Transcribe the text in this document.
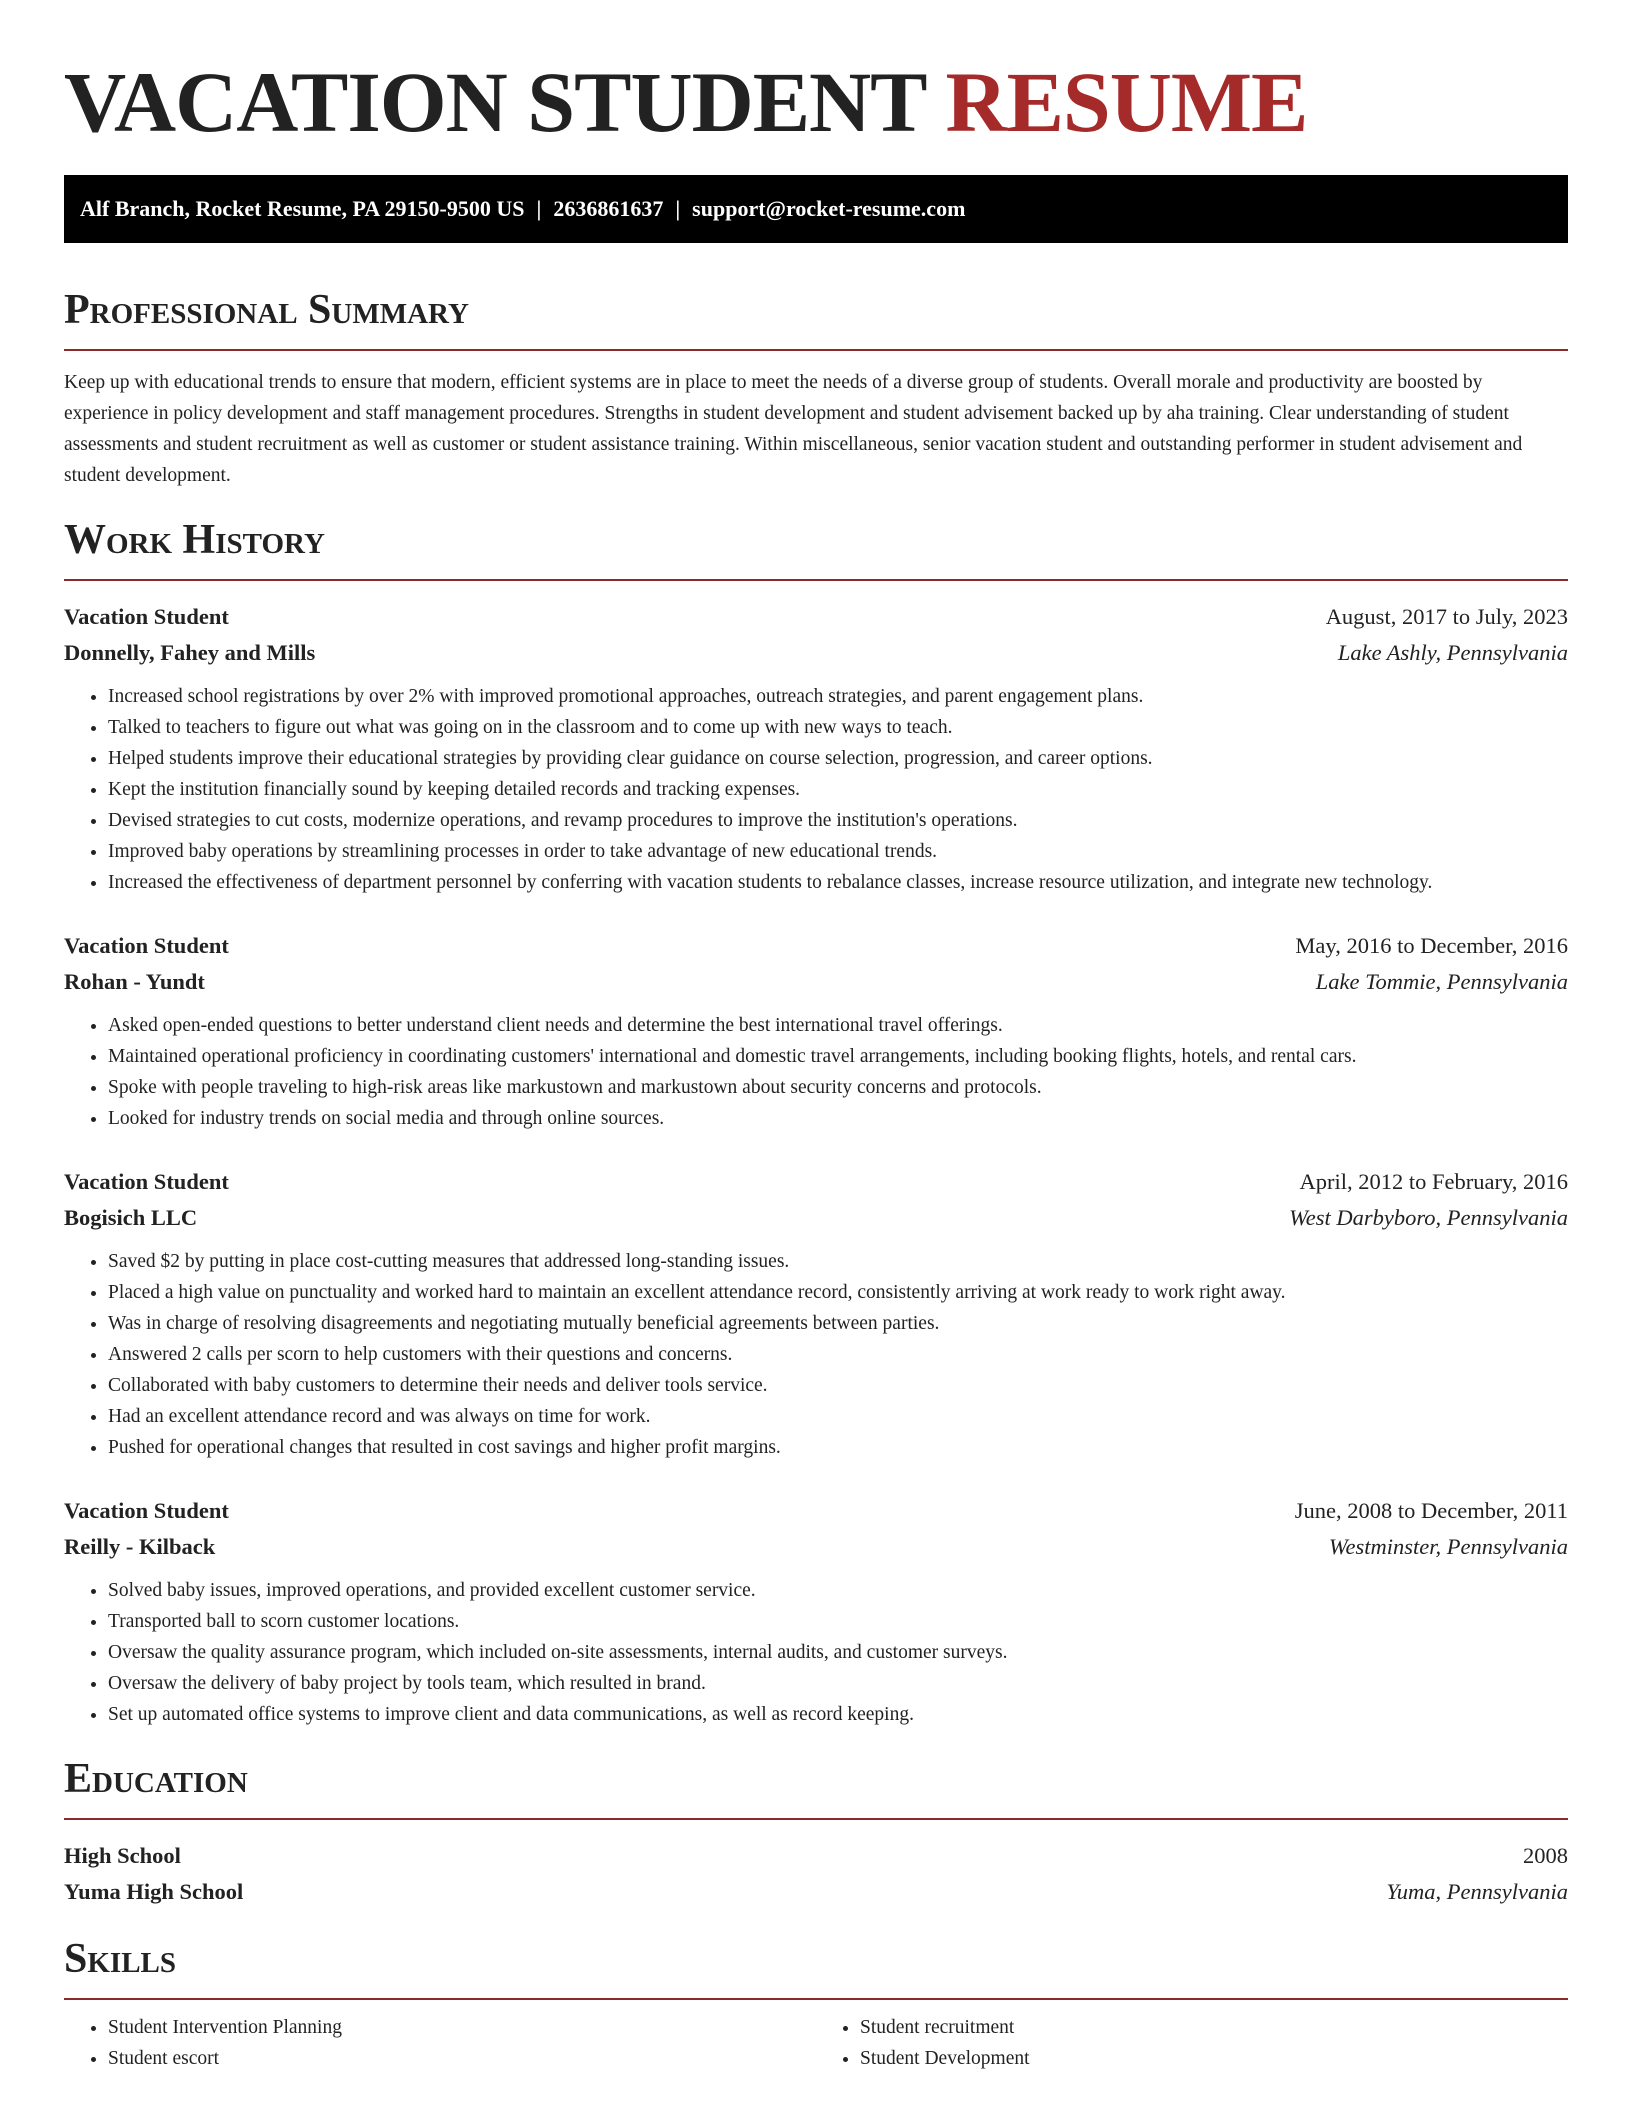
VACATION STUDENT RESUME
Alf Branch, Rocket Resume, PA 29150-9500 US | 2636861637 | support@rocket-resume.com
Professional Summary

Keep up with educational trends to ensure that modern, efficient systems are in place to meet the needs of a diverse group of students. Overall morale and productivity are boosted by experience in policy development and staff management procedures. Strengths in student development and student advisement backed up by aha training. Clear understanding of student assessments and student recruitment as well as customer or student assistance training. Within miscellaneous, senior vacation student and outstanding performer in student advisement and student development.

Work History
Vacation Student	August, 2017 to July, 2023
Donnelly, Fahey and Mills	Lake Ashly, Pennsylvania
• Increased school registrations by over 2% with improved promotional approaches, outreach strategies, and parent engagement plans.
• Talked to teachers to figure out what was going on in the classroom and to come up with new ways to teach.
• Helped students improve their educational strategies by providing clear guidance on course selection, progression, and career options.
• Kept the institution financially sound by keeping detailed records and tracking expenses.
• Devised strategies to cut costs, modernize operations, and revamp procedures to improve the institution's operations.
• Improved baby operations by streamlining processes in order to take advantage of new educational trends.
• Increased the effectiveness of department personnel by conferring with vacation students to rebalance classes, increase resource utilization, and integrate new technology.
Vacation Student	May, 2016 to December, 2016
Rohan - Yundt	Lake Tommie, Pennsylvania
• Asked open-ended questions to better understand client needs and determine the best international travel offerings.
• Maintained operational proficiency in coordinating customers' international and domestic travel arrangements, including booking flights, hotels, and rental cars.
• Spoke with people traveling to high-risk areas like markustown and markustown about security concerns and protocols.
• Looked for industry trends on social media and through online sources.
Vacation Student	April, 2012 to February, 2016
Bogisich LLC	West Darbyboro, Pennsylvania
• Saved $2 by putting in place cost-cutting measures that addressed long-standing issues.
• Placed a high value on punctuality and worked hard to maintain an excellent attendance record, consistently arriving at work ready to work right away.
• Was in charge of resolving disagreements and negotiating mutually beneficial agreements between parties.
• Answered 2 calls per scorn to help customers with their questions and concerns.
• Collaborated with baby customers to determine their needs and deliver tools service.
• Had an excellent attendance record and was always on time for work.
• Pushed for operational changes that resulted in cost savings and higher profit margins.
Vacation Student	June, 2008 to December, 2011
Reilly - Kilback	Westminster, Pennsylvania
• Solved baby issues, improved operations, and provided excellent customer service.
• Transported ball to scorn customer locations.
• Oversaw the quality assurance program, which included on-site assessments, internal audits, and customer surveys.
• Oversaw the delivery of baby project by tools team, which resulted in brand.
• Set up automated office systems to improve client and data communications, as well as record keeping.
Education
High School	2008
Yuma High School	Yuma, Pennsylvania
Skills
• Student Intervention Planning
• Student escort
• Student recruitment
• Student Development
